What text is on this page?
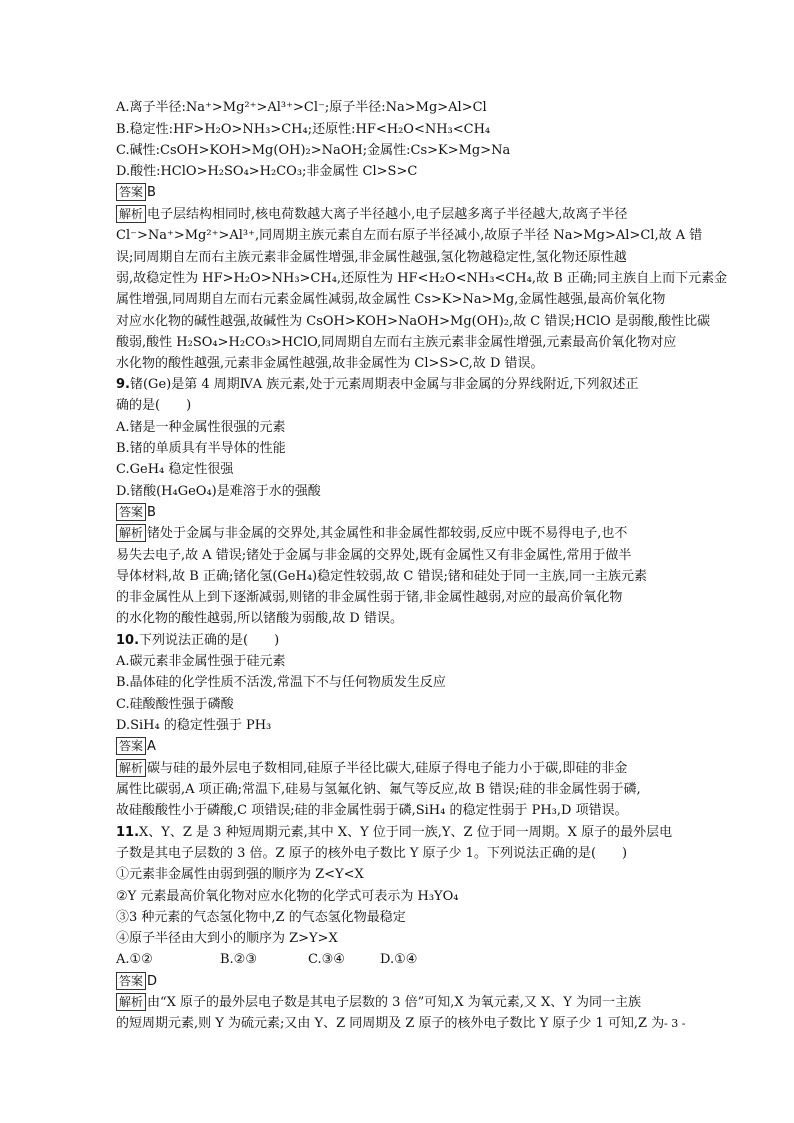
A.离子半径:Na⁺>Mg²⁺>Al³⁺>Cl⁻;原子半径:Na>Mg>Al>Cl
B.稳定性:HF>H₂O>NH₃>CH₄;还原性:HF<H₂O<NH₃<CH₄
C.碱性:CsOH>KOH>Mg(OH)₂>NaOH;金属性:Cs>K>Mg>Na
D.酸性:HClO>H₂SO₄>H₂CO₃;非金属性 Cl>S>C
答案 B
解析 电子层结构相同时,核电荷数越大离子半径越小,电子层越多离子半径越大,故离子半径
Cl⁻>Na⁺>Mg²⁺>Al³⁺,同周期主族元素自左而右原子半径减小,故原子半径 Na>Mg>Al>Cl,故 A 错
误;同周期自左而右主族元素非金属性增强,非金属性越强,氢化物越稳定性,氢化物还原性越
弱,故稳定性为 HF>H₂O>NH₃>CH₄,还原性为 HF<H₂O<NH₃<CH₄,故 B 正确;同主族自上而下元素金
属性增强,同周期自左而右元素金属性减弱,故金属性 Cs>K>Na>Mg,金属性越强,最高价氧化物
对应水化物的碱性越强,故碱性为 CsOH>KOH>NaOH>Mg(OH)₂,故 C 错误;HClO 是弱酸,酸性比碳
酸弱,酸性 H₂SO₄>H₂CO₃>HClO,同周期自左而右主族元素非金属性增强,元素最高价氧化物对应
水化物的酸性越强,元素非金属性越强,故非金属性为 Cl>S>C,故 D 错误。
9.锗(Ge)是第 4 周期ⅣA 族元素,处于元素周期表中金属与非金属的分界线附近,下列叙述正
确的是(　　)
A.锗是一种金属性很强的元素
B.锗的单质具有半导体的性能
C.GeH₄ 稳定性很强
D.锗酸(H₄GeO₄)是难溶于水的强酸
答案 B
解析 锗处于金属与非金属的交界处,其金属性和非金属性都较弱,反应中既不易得电子,也不
易失去电子,故 A 错误;锗处于金属与非金属的交界处,既有金属性又有非金属性,常用于做半
导体材料,故 B 正确;锗化氢(GeH₄)稳定性较弱,故 C 错误;锗和硅处于同一主族,同一主族元素
的非金属性从上到下逐渐减弱,则锗的非金属性弱于锗,非金属性越弱,对应的最高价氧化物
的水化物的酸性越弱,所以锗酸为弱酸,故 D 错误。
10.下列说法正确的是(　　)
A.碳元素非金属性强于硅元素
B.晶体硅的化学性质不活泼,常温下不与任何物质发生反应
C.硅酸酸性强于磷酸
D.SiH₄ 的稳定性强于 PH₃
答案 A
解析 碳与硅的最外层电子数相同,硅原子半径比碳大,硅原子得电子能力小于碳,即硅的非金
属性比碳弱,A 项正确;常温下,硅易与氢氟化钠、氟气等反应,故 B 错误;硅的非金属性弱于磷,
故硅酸酸性小于磷酸,C 项错误;硅的非金属性弱于磷,SiH₄ 的稳定性弱于 PH₃,D 项错误。
11.X、Y、Z 是 3 种短周期元素,其中 X、Y 位于同一族,Y、Z 位于同一周期。X 原子的最外层电
子数是其电子层数的 3 倍。Z 原子的核外电子数比 Y 原子少 1。下列说法正确的是(　　)
①元素非金属性由弱到强的顺序为 Z<Y<X
②Y 元素最高价氧化物对应水化物的化学式可表示为 H₃YO₄
③3 种元素的气态氢化物中,Z 的气态氢化物最稳定
④原子半径由大到小的顺序为 Z>Y>X
A.①②	B.②③	C.③④	D.①④
答案 D
解析 由“X 原子的最外层电子数是其电子层数的 3 倍”可知,X 为氧元素,又 X、Y 为同一主族
的短周期元素,则 Y 为硫元素;又由 Y、Z 同周期及 Z 原子的核外电子数比 Y 原子少 1 可知,Z 为 - 3 -
